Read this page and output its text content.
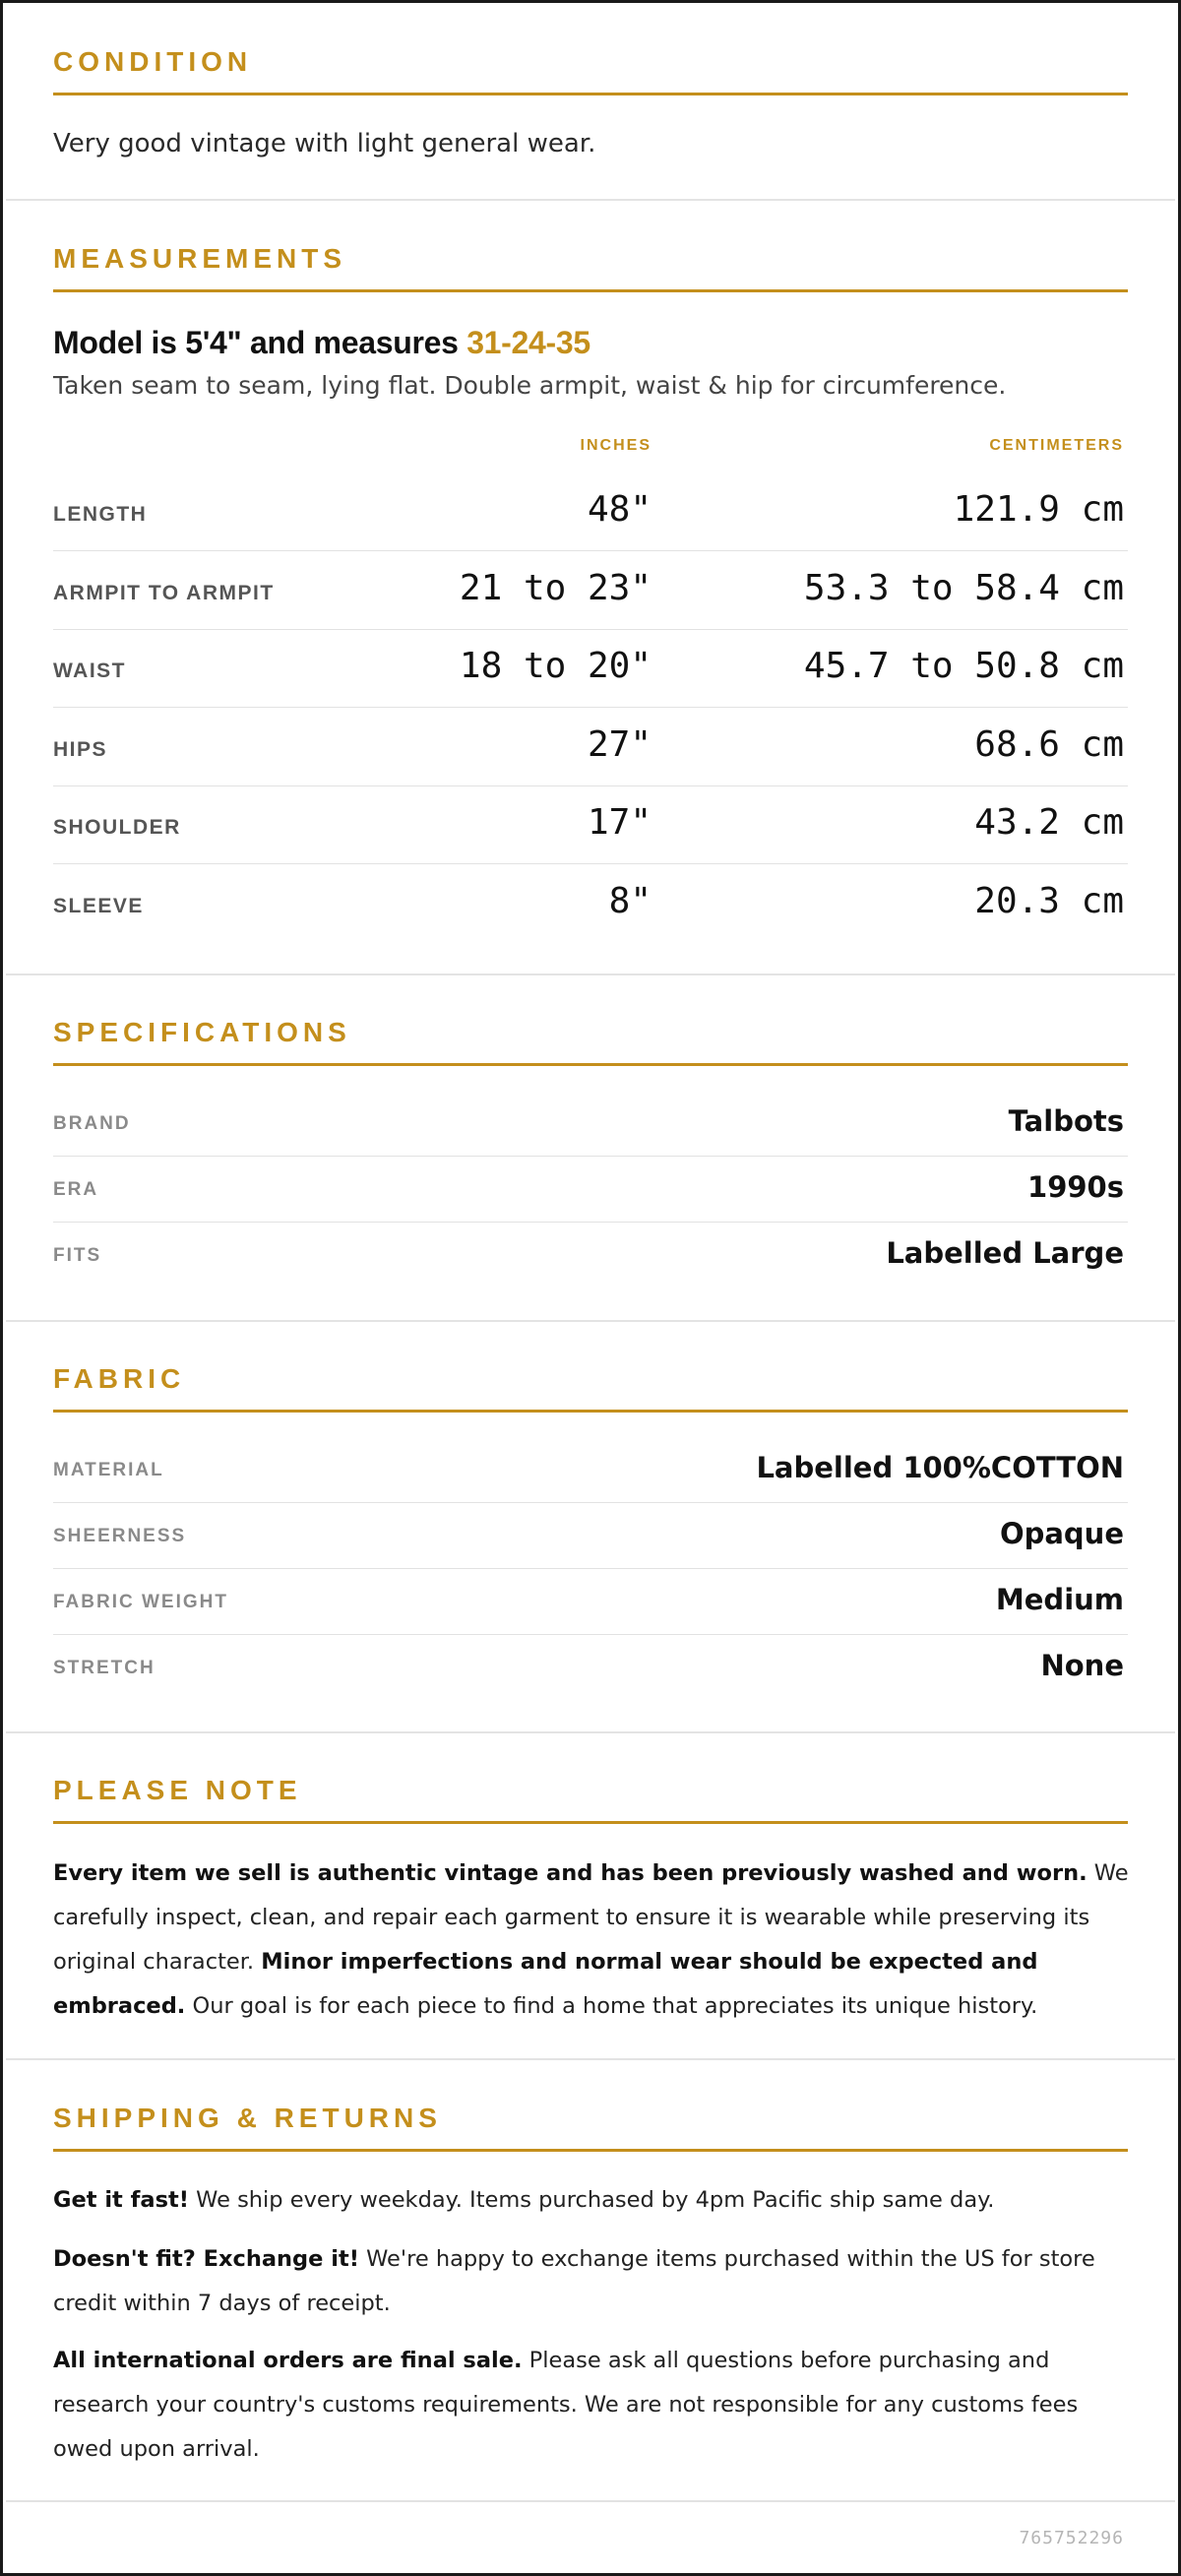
CONDITION
Very good vintage with light general wear.
MEASUREMENTS
Model is 5'4" and measures 31-24-35
Taken seam to seam, lying flat. Double armpit, waist & hip for circumference.
INCHES	CENTIMETERS
LENGTH	48"	121.9 cm
ARMPIT TO ARMPIT	21 to 23"	53.3 to 58.4 cm
WAIST	18 to 20"	45.7 to 50.8 cm
HIPS	27"	68.6 cm
SHOULDER	17"	43.2 cm
SLEEVE	8"	20.3 cm
SPECIFICATIONS
BRAND	Talbots
ERA	1990s
FITS	Labelled Large
FABRIC
MATERIAL	Labelled 100%COTTON
SHEERNESS	Opaque
FABRIC WEIGHT	Medium
STRETCH	None
PLEASE NOTE
Every item we sell is authentic vintage and has been previously washed and worn. We carefully inspect, clean, and repair each garment to ensure it is wearable while preserving its original character. Minor imperfections and normal wear should be expected and embraced. Our goal is for each piece to find a home that appreciates its unique history.
SHIPPING & RETURNS
Get it fast! We ship every weekday. Items purchased by 4pm Pacific ship same day.
Doesn't fit? Exchange it! We're happy to exchange items purchased within the US for store credit within 7 days of receipt.
All international orders are final sale. Please ask all questions before purchasing and research your country's customs requirements. We are not responsible for any customs fees owed upon arrival.
765752296
